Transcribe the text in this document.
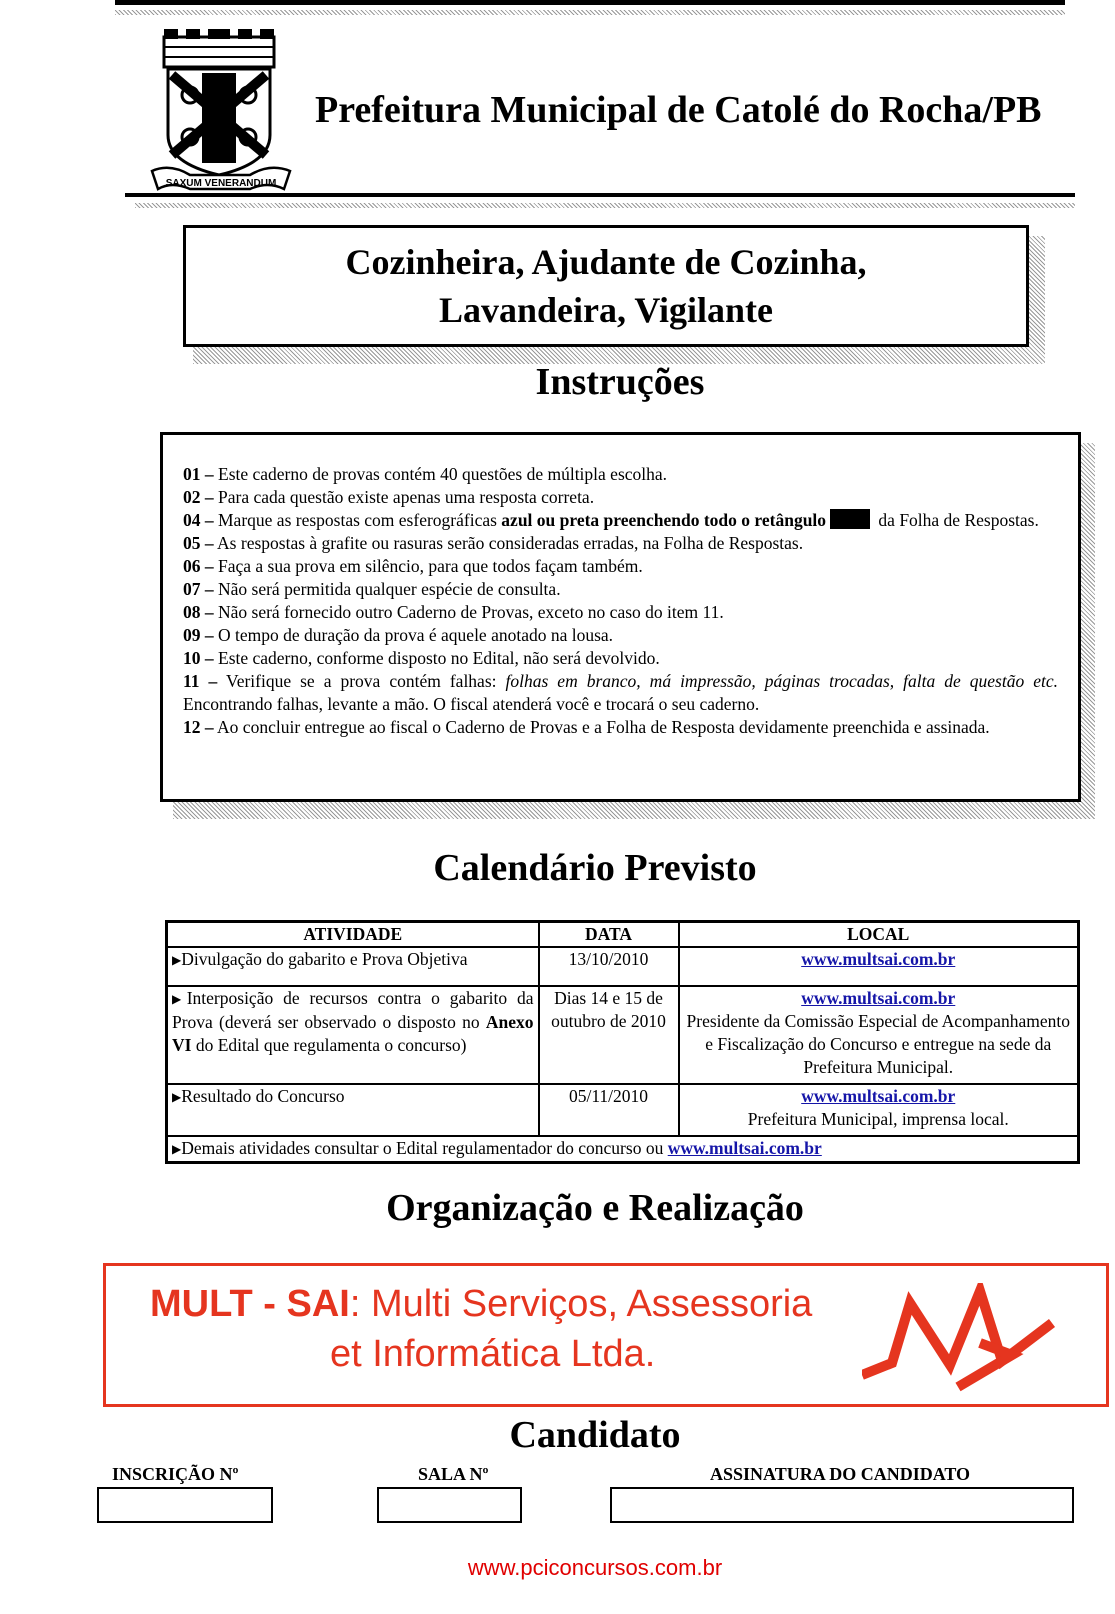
SAXUM VENERANDUM
Prefeitura Municipal de Catolé do Rocha/PB
Cozinheira, Ajudante de Cozinha,
Lavandeira, Vigilante
Instruções

01 – Este caderno de provas contém 40 questões de múltipla escolha.

02 – Para cada questão existe apenas uma resposta correta.

04 – Marque as respostas com esferográficas azul ou preta preenchendo todo o retângulo	da Folha de Respostas.

05 – As respostas à grafite ou rasuras serão consideradas erradas, na Folha de Respostas.

06 – Faça a sua prova em silêncio, para que todos façam também.

07 – Não será permitida qualquer espécie de consulta.

08 – Não será fornecido outro Caderno de Provas, exceto no caso do item 11.

09 – O tempo de duração da prova é aquele anotado na lousa.

10 – Este caderno, conforme disposto no Edital, não será devolvido.

11 – Verifique se a prova contém falhas: folhas em branco, má impressão, páginas trocadas, falta de questão etc. Encontrando falhas, levante a mão. O fiscal atenderá você e trocará o seu caderno.

12 – Ao concluir entregue ao fiscal o Caderno de Provas e a Folha de Resposta devidamente preenchida e assinada.

Calendário Previsto
ATIVIDADE	DATA	LOCAL
▶Divulgação do gabarito e Prova Objetiva	13/10/2010	www.multsai.com.br
▶Interposição de recursos contra o gabarito da Prova (deverá ser observado o disposto no Anexo VI do Edital que regulamenta o concurso)	Dias 14 e 15 de outubro de 2010	www.multsai.com.br
Presidente da Comissão Especial de Acompanhamento e Fiscalização do Concurso e entregue na sede da Prefeitura Municipal.
▶Resultado do Concurso	05/11/2010	www.multsai.com.br
Prefeitura Municipal, imprensa local.
▶Demais atividades consultar o Edital regulamentador do concurso ou www.multsai.com.br		
Organização e Realização
MULT - SAI: Multi Serviços, Assessoria
et Informática Ltda.
Candidato
INSCRIÇÃO Nº	SALA Nº	ASSINATURA DO CANDIDATO
www.pciconcursos.com.br
